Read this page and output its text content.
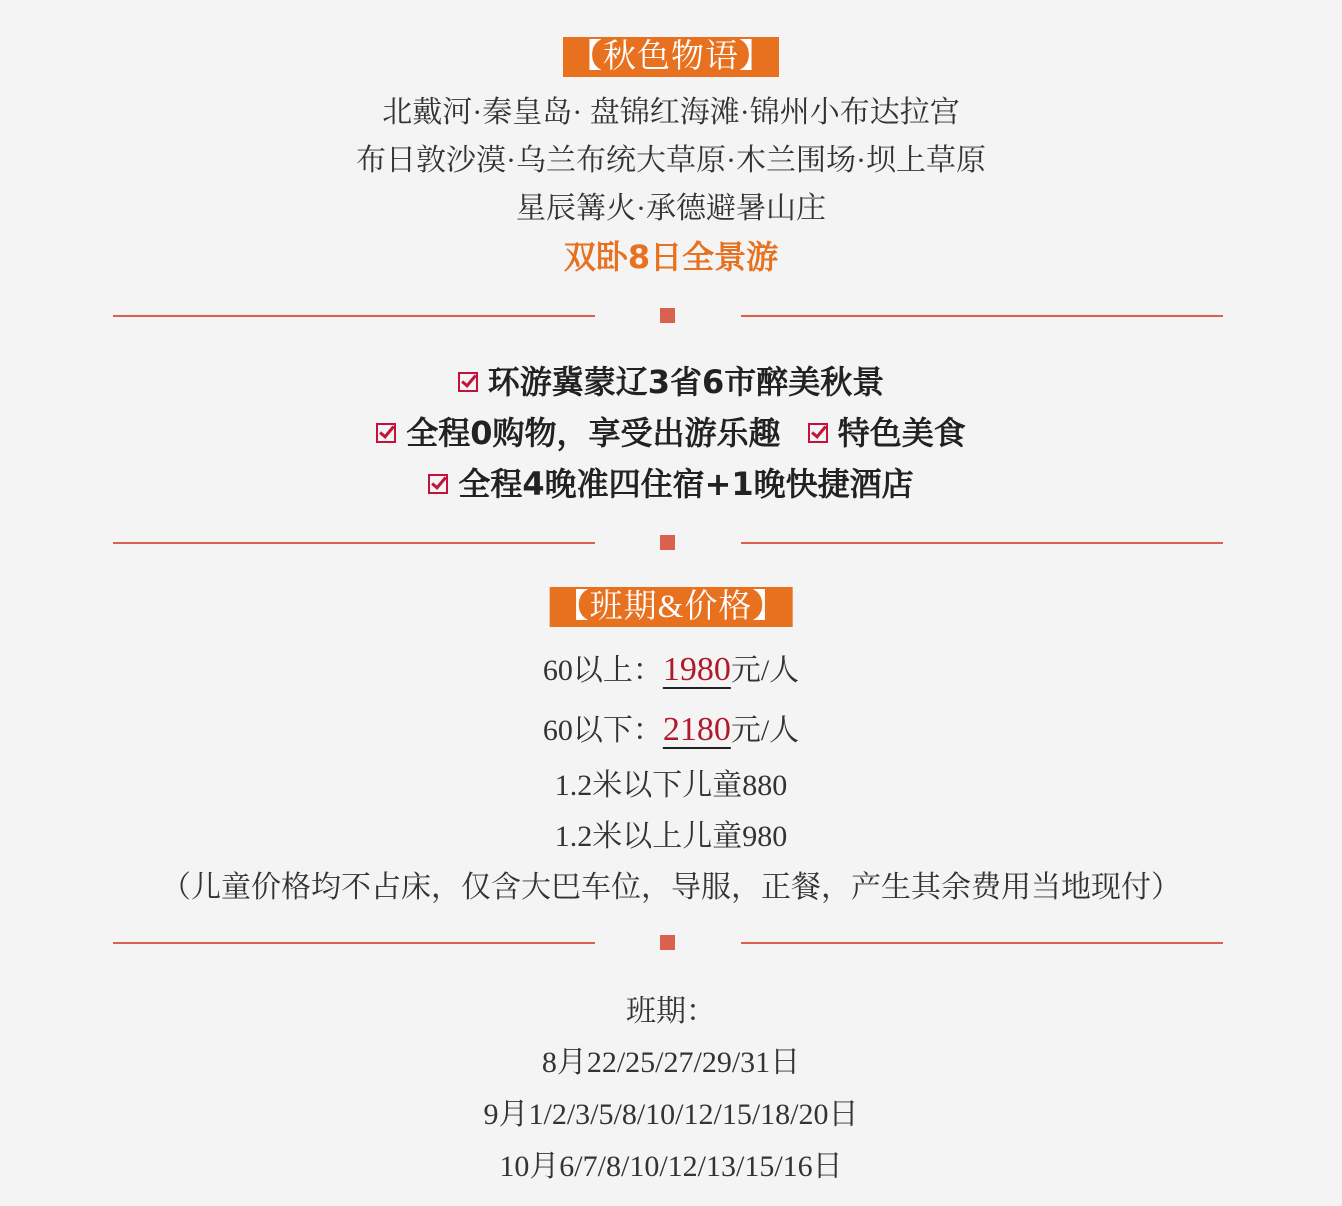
【秋色物语】
北戴河·秦皇岛· 盘锦红海滩·锦州小布达拉宫
布日敦沙漠·乌兰布统大草原·木兰围场·坝上草原
星辰篝火·承德避暑山庄
双卧8日全景游
环游冀蒙辽3省6市醉美秋景
全程0购物，享受出游乐趣 特色美食
全程4晚准四住宿+1晚快捷酒店
【班期&价格】
60以上：1980元/人
60以下：2180元/人
1.2米以下儿童880
1.2米以上儿童980
（儿童价格均不占床，仅含大巴车位，导服，正餐，产生其余费用当地现付）
班期：
8月22/25/27/29/31日
9月1/2/3/5/8/10/12/15/18/20日
10月6/7/8/10/12/13/15/16日
